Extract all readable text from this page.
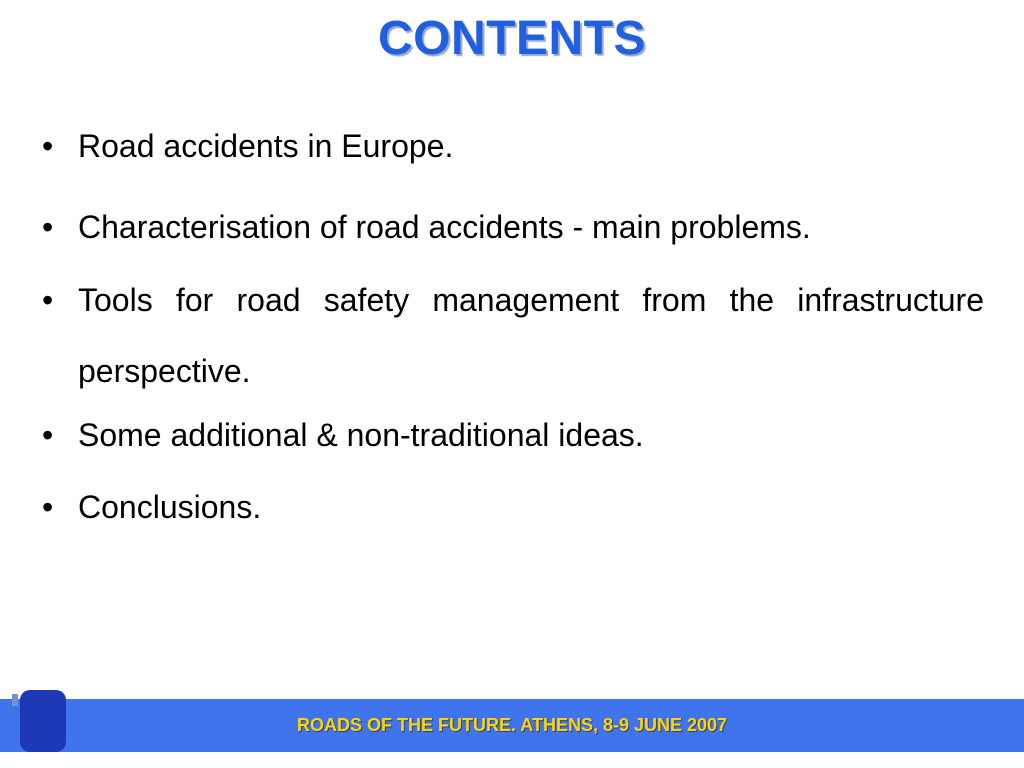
CONTENTS
• Road accidents in Europe.
• Characterisation of road accidents - main problems.
• Tools for road safety management from the infrastructure perspective.
• Some additional & non-traditional ideas.
• Conclusions.
ROADS OF THE FUTURE. ATHENS, 8-9 JUNE 2007
